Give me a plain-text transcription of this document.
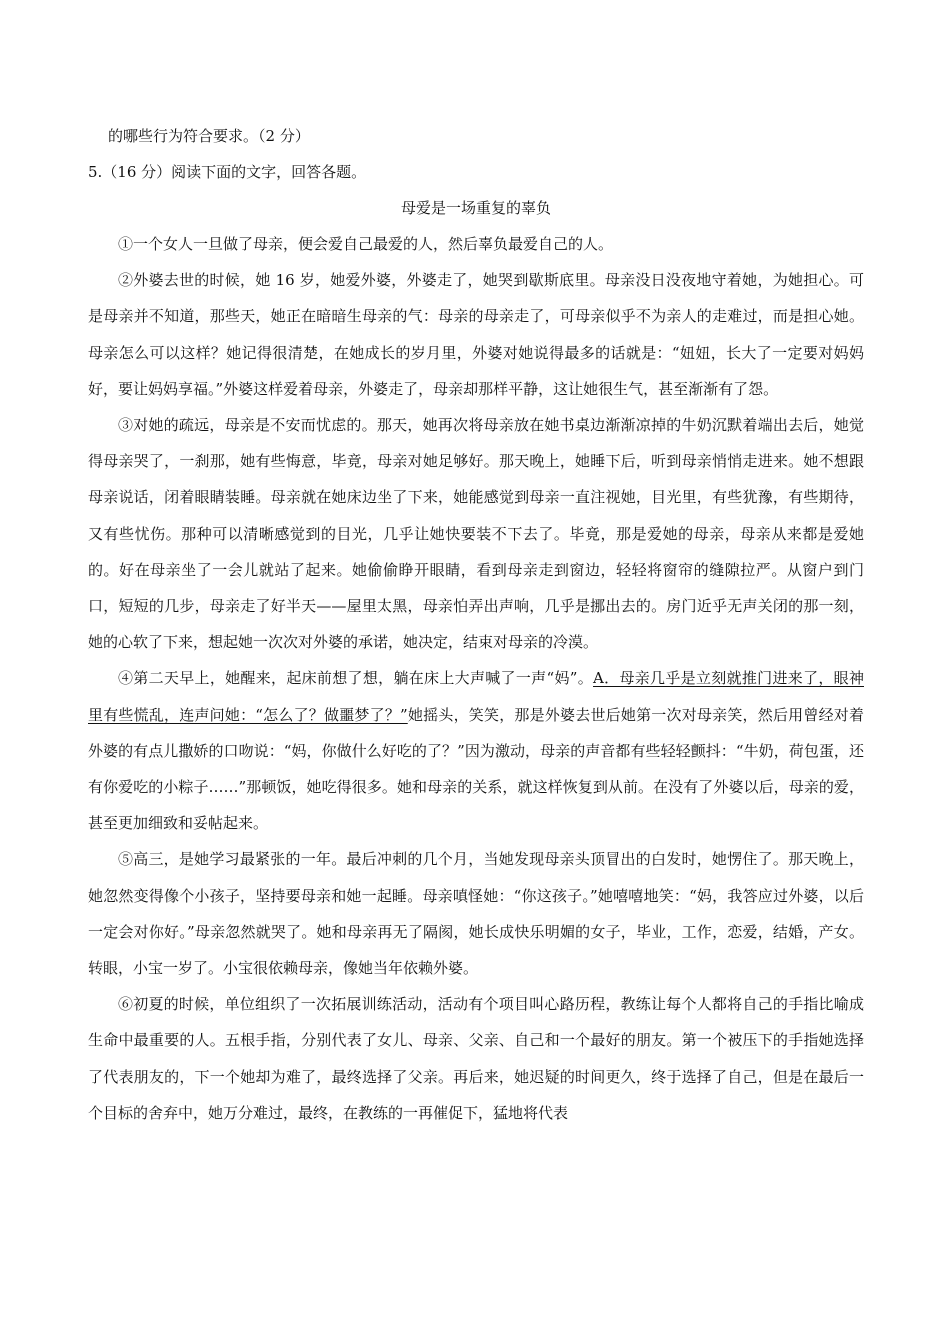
的哪些行为符合要求。（2 分）
5.（16 分）阅读下面的文字，回答各题。
母爱是一场重复的辜负

①一个女人一旦做了母亲，便会爱自己最爱的人，然后辜负最爱自己的人。

②外婆去世的时候，她 16 岁，她爱外婆，外婆走了，她哭到歇斯底里。母亲没日没夜地守着她，为她担心。可是母亲并不知道，那些天，她正在暗暗生母亲的气：母亲的母亲走了，可母亲似乎不为亲人的走难过，而是担心她。母亲怎么可以这样？她记得很清楚，在她成长的岁月里，外婆对她说得最多的话就是：“妞妞，长大了一定要对妈妈好，要让妈妈享福。”外婆这样爱着母亲，外婆走了，母亲却那样平静，这让她很生气，甚至渐渐有了怨。

③对她的疏远，母亲是不安而忧虑的。那天，她再次将母亲放在她书桌边渐渐凉掉的牛奶沉默着端出去后，她觉得母亲哭了，一刹那，她有些悔意，毕竟，母亲对她足够好。那天晚上，她睡下后，听到母亲悄悄走进来。她不想跟母亲说话，闭着眼睛装睡。母亲就在她床边坐了下来，她能感觉到母亲一直注视她，目光里，有些犹豫，有些期待，又有些忧伤。那种可以清晰感觉到的目光，几乎让她快要装不下去了。毕竟，那是爱她的母亲，母亲从来都是爱她的。好在母亲坐了一会儿就站了起来。她偷偷睁开眼睛，看到母亲走到窗边，轻轻将窗帘的缝隙拉严。从窗户到门口，短短的几步，母亲走了好半天——屋里太黑，母亲怕弄出声响，几乎是挪出去的。房门近乎无声关闭的那一刻，她的心软了下来，想起她一次次对外婆的承诺，她决定，结束对母亲的冷漠。

④第二天早上，她醒来，起床前想了想，躺在床上大声喊了一声“妈”。A．母亲几乎是立刻就推门进来了，眼神里有些慌乱，连声问她：“怎么了？做噩梦了？”她摇头，笑笑，那是外婆去世后她第一次对母亲笑，然后用曾经对着外婆的有点儿撒娇的口吻说：“妈，你做什么好吃的了？”因为激动，母亲的声音都有些轻轻颤抖：“牛奶，荷包蛋，还有你爱吃的小粽子……”那顿饭，她吃得很多。她和母亲的关系，就这样恢复到从前。在没有了外婆以后，母亲的爱，甚至更加细致和妥帖起来。

⑤高三，是她学习最紧张的一年。最后冲刺的几个月，当她发现母亲头顶冒出的白发时，她愣住了。那天晚上，她忽然变得像个小孩子，坚持要母亲和她一起睡。母亲嗔怪她：“你这孩子。”她嘻嘻地笑：“妈，我答应过外婆，以后一定会对你好。”母亲忽然就哭了。她和母亲再无了隔阂，她长成快乐明媚的女子，毕业，工作，恋爱，结婚，产女。转眼，小宝一岁了。小宝很依赖母亲，像她当年依赖外婆。

⑥初夏的时候，单位组织了一次拓展训练活动，活动有个项目叫心路历程，教练让每个人都将自己的手指比喻成生命中最重要的人。五根手指，分别代表了女儿、母亲、父亲、自己和一个最好的朋友。第一个被压下的手指她选择了代表朋友的，下一个她却为难了，最终选择了父亲。再后来，她迟疑的时间更久，终于选择了自己，但是在最后一个目标的舍弃中，她万分难过，最终，在教练的一再催促下，猛地将代表
